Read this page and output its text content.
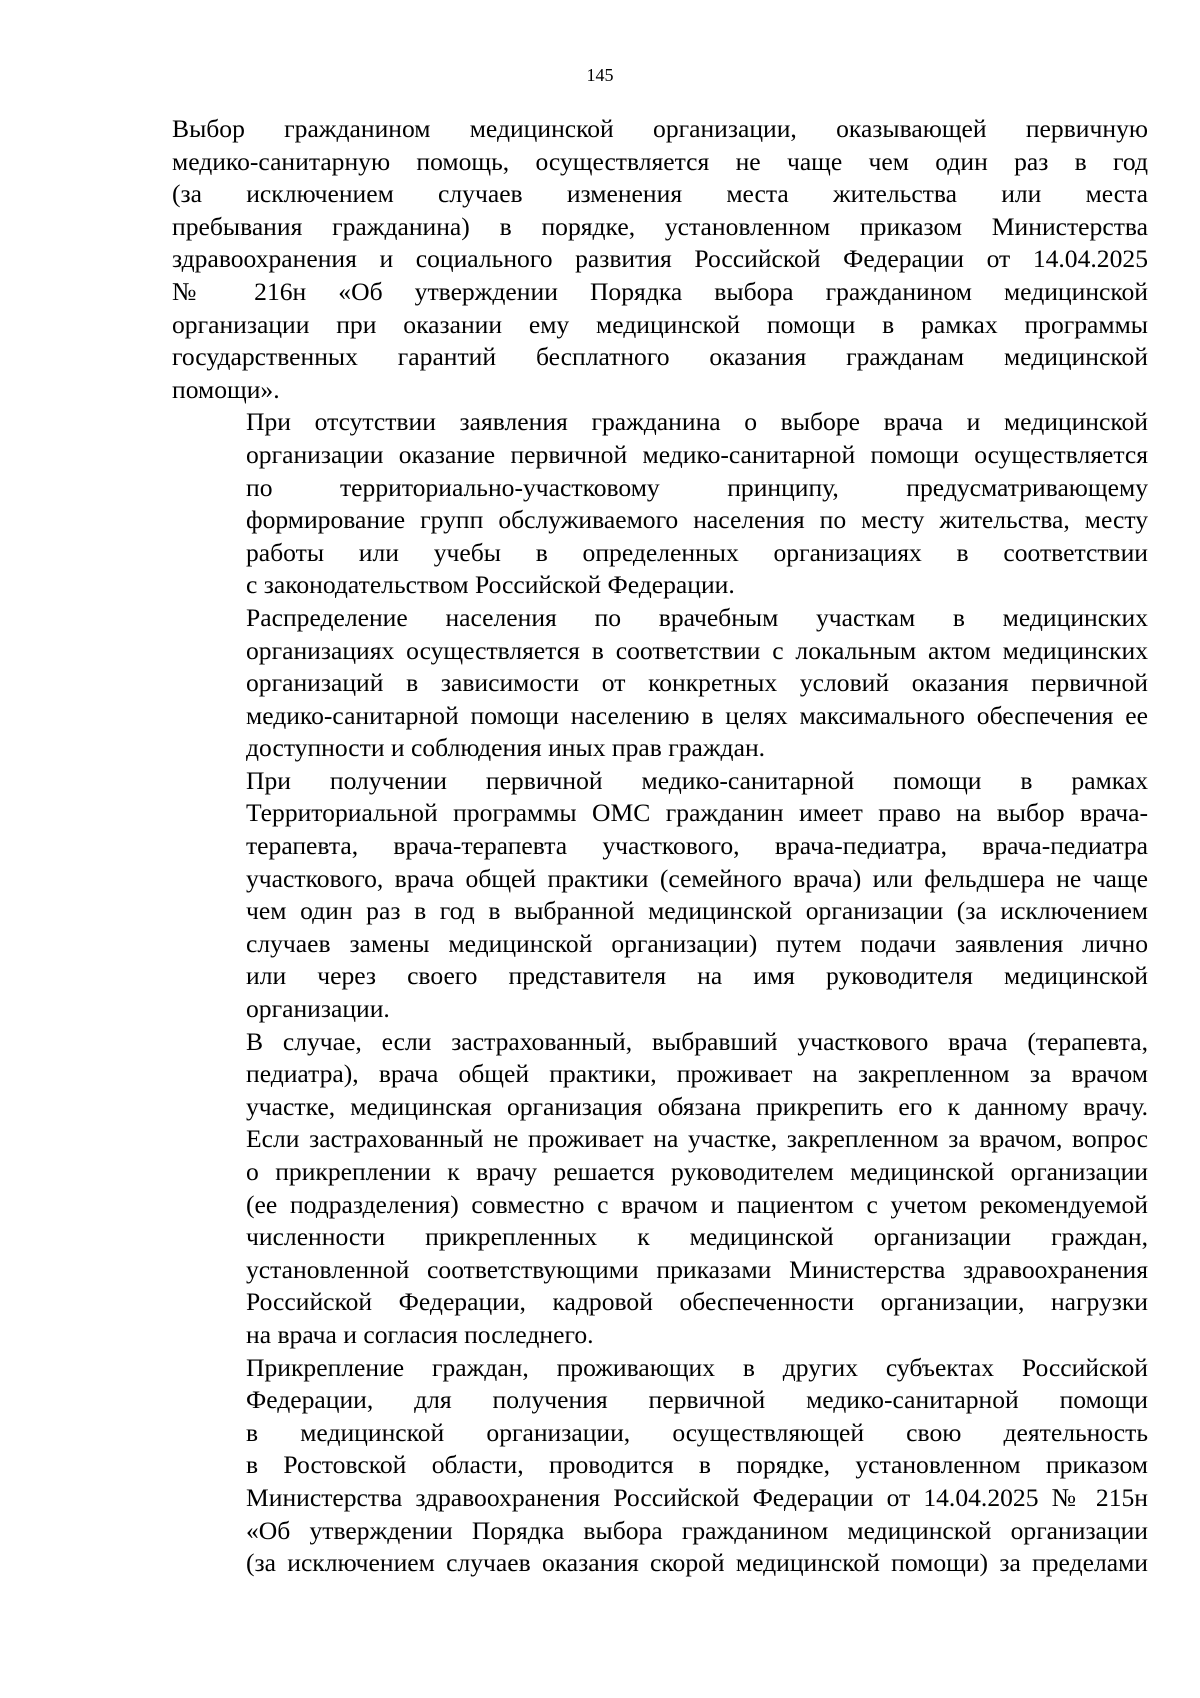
145

Выбор гражданином медицинской организации, оказывающей первичную
медико-санитарную помощь, осуществляется не чаще чем один раз в год
(за исключением случаев изменения места жительства или места
пребывания гражданина) в порядке, установленном приказом Министерства
здравоохранения и социального развития Российской Федерации от 14.04.2025
№ 216н «Об утверждении Порядка выбора гражданином медицинской
организации при оказании ему медицинской помощи в рамках программы
государственных гарантий бесплатного оказания гражданам медицинской
помощи».

При отсутствии заявления гражданина о выборе врача и медицинской
организации оказание первичной медико-санитарной помощи осуществляется
по территориально-участковому принципу, предусматривающему
формирование групп обслуживаемого населения по месту жительства, месту
работы или учебы в определенных организациях в соответствии
с законодательством Российской Федерации.

Распределение населения по врачебным участкам в медицинских
организациях осуществляется в соответствии с локальным актом медицинских
организаций в зависимости от конкретных условий оказания первичной
медико-санитарной помощи населению в целях максимального обеспечения ее
доступности и соблюдения иных прав граждан.

При получении первичной медико-санитарной помощи в рамках
Территориальной программы ОМС гражданин имеет право на выбор врача-
терапевта, врача-терапевта участкового, врача-педиатра, врача-педиатра
участкового, врача общей практики (семейного врача) или фельдшера не чаще
чем один раз в год в выбранной медицинской организации (за исключением
случаев замены медицинской организации) путем подачи заявления лично
или через своего представителя на имя руководителя медицинской
организации.

В случае, если застрахованный, выбравший участкового врача (терапевта,
педиатра), врача общей практики, проживает на закрепленном за врачом
участке, медицинская организация обязана прикрепить его к данному врачу.
Если застрахованный не проживает на участке, закрепленном за врачом, вопрос
о прикреплении к врачу решается руководителем медицинской организации
(ее подразделения) совместно с врачом и пациентом с учетом рекомендуемой
численности прикрепленных к медицинской организации граждан,
установленной соответствующими приказами Министерства здравоохранения
Российской Федерации, кадровой обеспеченности организации, нагрузки
на врача и согласия последнего.

Прикрепление граждан, проживающих в других субъектах Российской
Федерации, для получения первичной медико-санитарной помощи
в медицинской организации, осуществляющей свою деятельность
в Ростовской области, проводится в порядке, установленном приказом
Министерства здравоохранения Российской Федерации от 14.04.2025 № 215н
«Об утверждении Порядка выбора гражданином медицинской организации
(за исключением случаев оказания скорой медицинской помощи) за пределами
